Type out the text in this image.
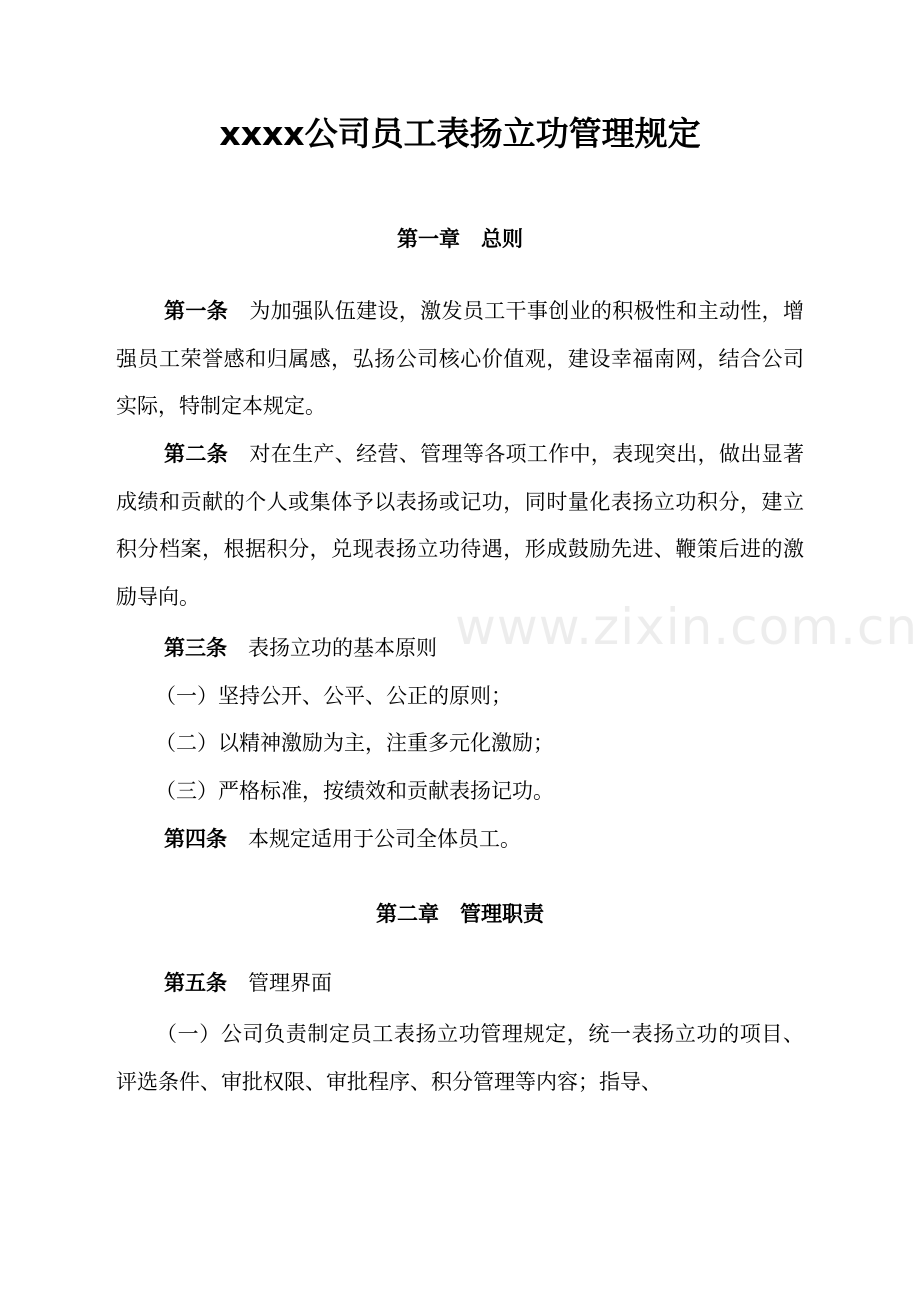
xxxx公司员工表扬立功管理规定
第一章　总则
第一条　 为加强队伍建设，激发员工干事创业的积极性和主动性，增强员工荣誉感和归属感，弘扬公司核心价值观，建设幸福南网，结合公司实际，特制定本规定。
第二条　 对在生产、经营、管理等各项工作中，表现突出，做出显著成绩和贡献的个人或集体予以表扬或记功，同时量化表扬立功积分，建立积分档案，根据积分，兑现表扬立功待遇，形成鼓励先进、鞭策后进的激励导向。
第三条　 表扬立功的基本原则
（一）坚持公开、公平、公正的原则；
（二）以精神激励为主，注重多元化激励；
（三）严格标准，按绩效和贡献表扬记功。
第四条　 本规定适用于公司全体员工。
第二章　管理职责
第五条　 管理界面
（一）公司负责制定员工表扬立功管理规定，统一表扬立功的项目、评选条件、审批权限、审批程序、积分管理等内容；指导、
www.zixin.com.cn
